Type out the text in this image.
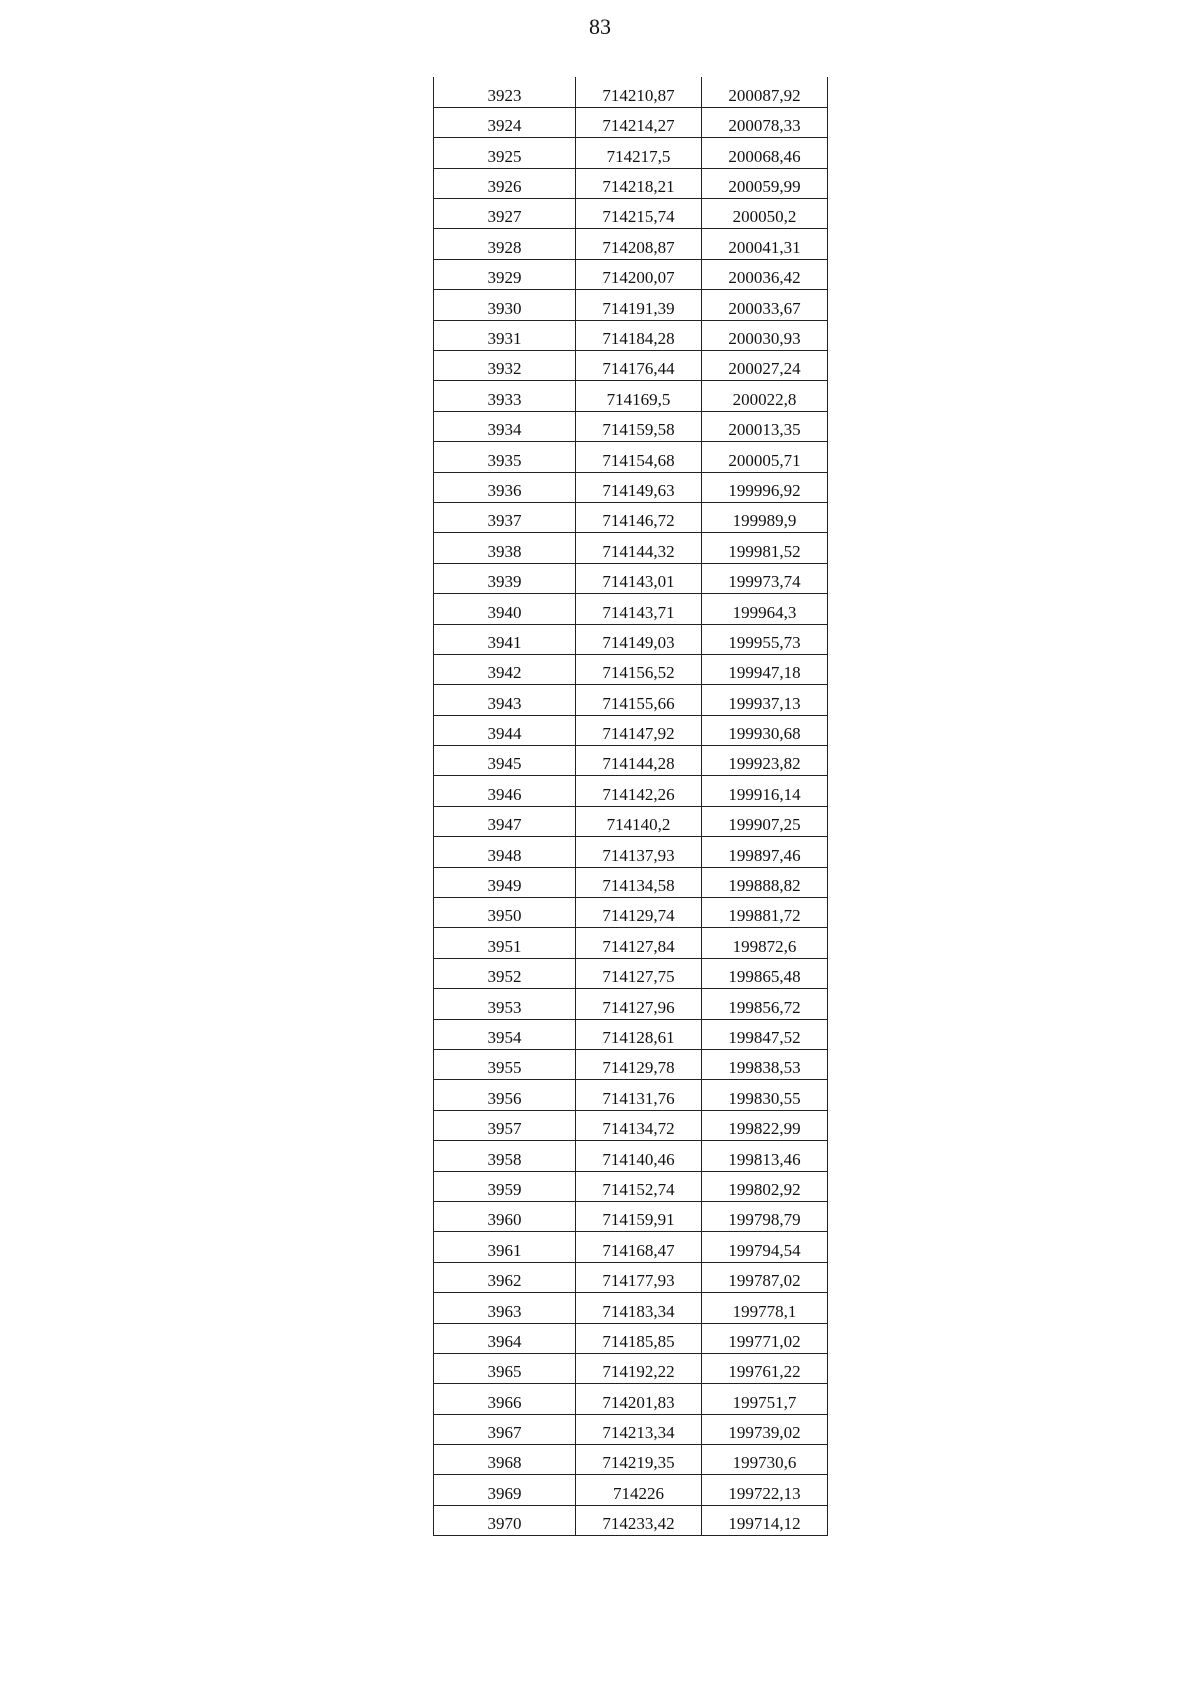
83
3923	714210,87	200087,92
3924	714214,27	200078,33
3925	714217,5	200068,46
3926	714218,21	200059,99
3927	714215,74	200050,2
3928	714208,87	200041,31
3929	714200,07	200036,42
3930	714191,39	200033,67
3931	714184,28	200030,93
3932	714176,44	200027,24
3933	714169,5	200022,8
3934	714159,58	200013,35
3935	714154,68	200005,71
3936	714149,63	199996,92
3937	714146,72	199989,9
3938	714144,32	199981,52
3939	714143,01	199973,74
3940	714143,71	199964,3
3941	714149,03	199955,73
3942	714156,52	199947,18
3943	714155,66	199937,13
3944	714147,92	199930,68
3945	714144,28	199923,82
3946	714142,26	199916,14
3947	714140,2	199907,25
3948	714137,93	199897,46
3949	714134,58	199888,82
3950	714129,74	199881,72
3951	714127,84	199872,6
3952	714127,75	199865,48
3953	714127,96	199856,72
3954	714128,61	199847,52
3955	714129,78	199838,53
3956	714131,76	199830,55
3957	714134,72	199822,99
3958	714140,46	199813,46
3959	714152,74	199802,92
3960	714159,91	199798,79
3961	714168,47	199794,54
3962	714177,93	199787,02
3963	714183,34	199778,1
3964	714185,85	199771,02
3965	714192,22	199761,22
3966	714201,83	199751,7
3967	714213,34	199739,02
3968	714219,35	199730,6
3969	714226	199722,13
3970	714233,42	199714,12
